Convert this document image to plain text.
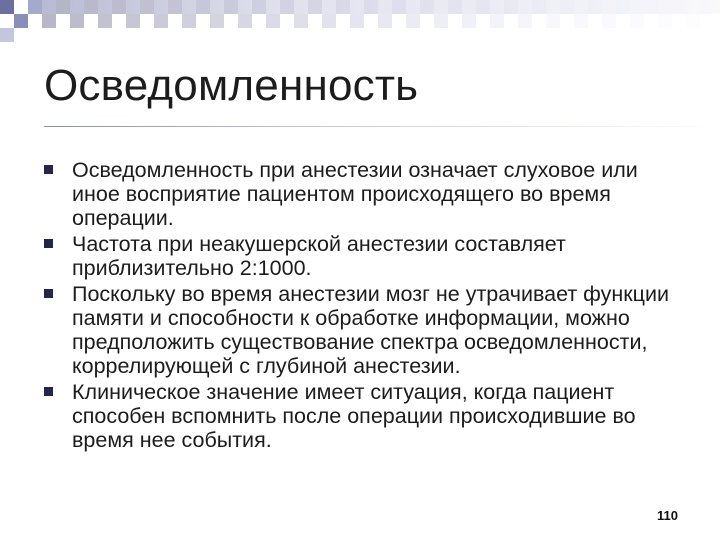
Осведомленность
Осведомленность при анестезии означает слуховое или иное восприятие пациентом происходящего во время операции.
Частота при неакушерской анестезии составляет приблизительно 2:1000.
Поскольку во время анестезии мозг не утрачивает функции памяти и способности к обработке информации, можно предположить существование спектра осведомленности, коррелирующей с глубиной анестезии.
Клиническое значение имеет ситуация, когда пациент способен вспомнить после операции происходившие во время нее события.
110
